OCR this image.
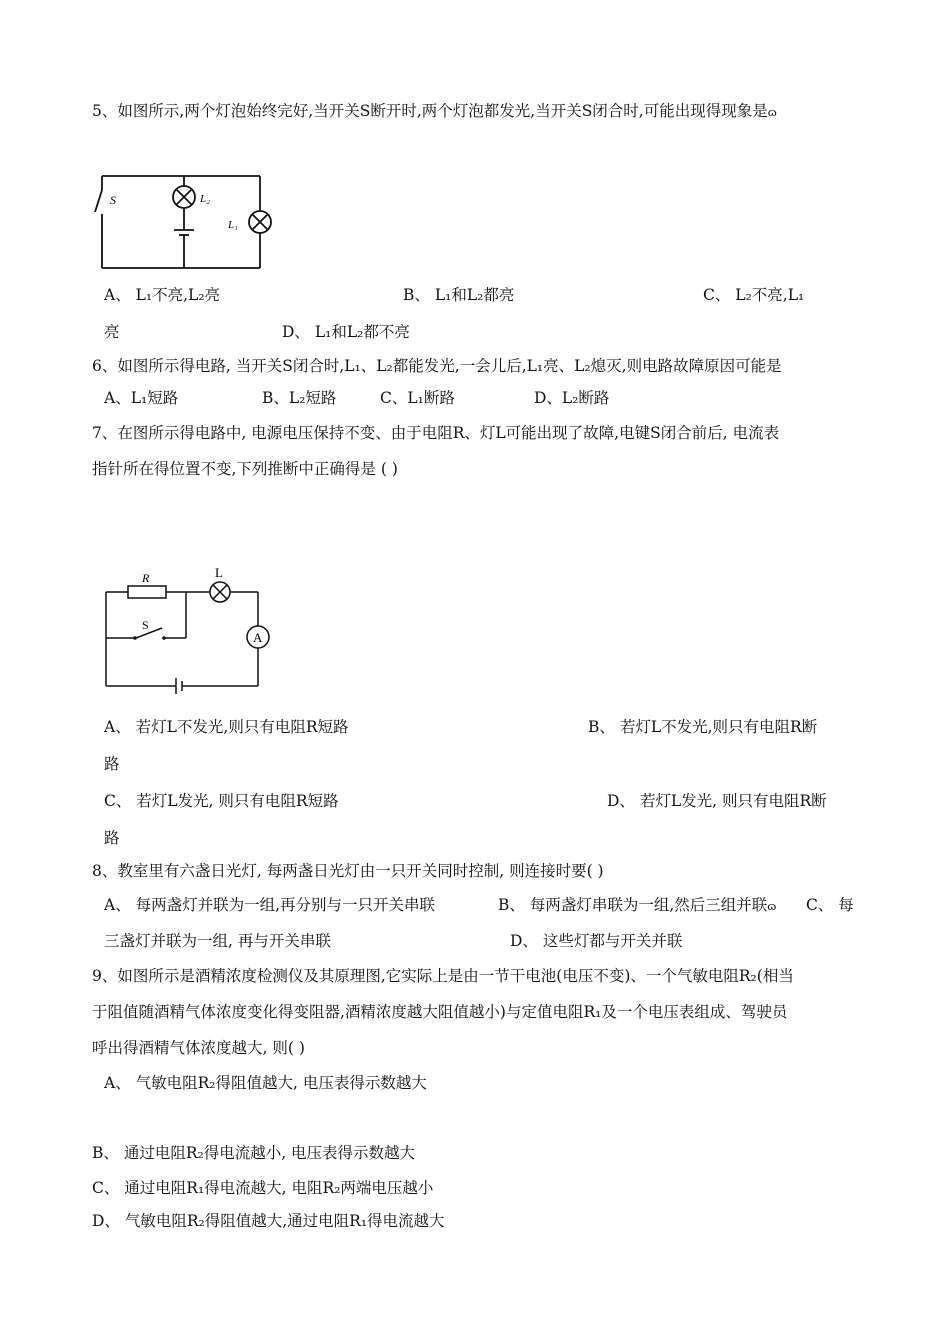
5、如图所示,两个灯泡始终完好,当开关S断开时,两个灯泡都发光,当开关S闭合时,可能出现得现象是ɷ
S	L₂
L₁
A、 L₁不亮,L₂亮	B、 L₁和L₂都亮	C、 L₂不亮,L₁
亮	D、 L₁和L₂都不亮
6、如图所示得电路, 当开关S闭合时,L₁、L₂都能发光,一会儿后,L₁亮、L₂熄灭,则电路故障原因可能是
A、L₁短路	B、L₂短路	C、L₁断路	D、L₂断路
7、在图所示得电路中, 电源电压保持不变、由于电阻R、灯L可能出现了故障,电键S闭合前后, 电流表
指针所在得位置不变,下列推断中正确得是 ( )
R	L
S
A
A、 若灯L不发光,则只有电阻R短路	B、 若灯L不发光,则只有电阻R断
路
C、 若灯L发光, 则只有电阻R短路	D、 若灯L发光, 则只有电阻R断
路
8、教室里有六盏日光灯, 每两盏日光灯由一只开关同时控制, 则连接时要( )
A、 每两盏灯并联为一组,再分别与一只开关串联	B、 每两盏灯串联为一组,然后三组并联ɷ C、 每
三盏灯并联为一组, 再与开关串联	D、 这些灯都与开关并联
9、如图所示是酒精浓度检测仪及其原理图,它实际上是由一节干电池(电压不变)、一个气敏电阻R₂(相当
于阻值随酒精气体浓度变化得变阻器,酒精浓度越大阻值越小)与定值电阻R₁及一个电压表组成、驾驶员
呼出得酒精气体浓度越大, 则( )
A、 气敏电阻R₂得阻值越大, 电压表得示数越大
B、 通过电阻R₂得电流越小, 电压表得示数越大
C、 通过电阻R₁得电流越大, 电阻R₂两端电压越小
D、 气敏电阻R₂得阻值越大,通过电阻R₁得电流越大
